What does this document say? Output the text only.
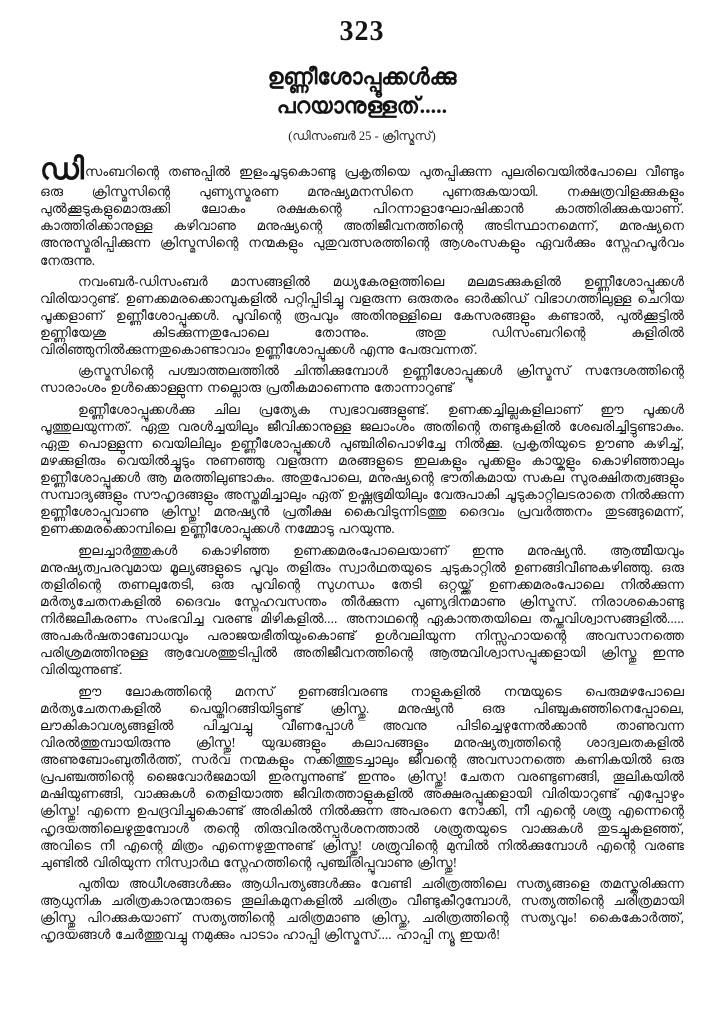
323
ഉണ്ണീശോപ്പൂക്കൾക്കു
പറയാനുള്ളത്.....
(ഡിസംബർ 25 - ക്രിസ്മസ്)

ഡിസംബറിന്റെ തണുപ്പിൽ ഇളംചൂടുകൊണ്ടു പ്രകൃതിയെ പുതപ്പിക്കുന്ന പുലരിവെയിൽപോലെ വീണ്ടും ഒരു ക്രിസ്മസിന്റെ പുണ്യസ്മരണ മനുഷ്യമനസിനെ പുണരുകയായി. നക്ഷത്രവിളക്കുകളും പുൽക്കൂടുകളുമൊരുക്കി ലോകം രക്ഷകന്റെ പിറന്നാളാഘോഷിക്കാൻ കാത്തിരിക്കുകയാണ്. കാത്തിരിക്കാനുള്ള കഴിവാണു മനുഷ്യന്റെ അതിജീവനത്തിന്റെ അടിസ്ഥാനമെന്ന്, മനുഷ്യനെ അനുസ്മരിപ്പിക്കുന്ന ക്രിസ്മസിന്റെ നന്മകളും പുതുവത്സരത്തിന്റെ ആശംസകളും ഏവർക്കും സ്നേഹപൂർവം നേരുന്നു.

നവംബർ-ഡിസംബർ മാസങ്ങളിൽ മധ്യകേരളത്തിലെ മലമടക്കുകളിൽ ഉണ്ണീശോപ്പൂക്കൾ വിരിയാറുണ്ട്. ഉണക്കമരക്കൊമ്പുകളിൽ പറ്റിപ്പിടിച്ചു വളരുന്ന ഒരുതരം ഓർക്കിഡ് വിഭാഗത്തിലുള്ള ചെറിയ പൂക്കളാണ് ഉണ്ണീശോപ്പൂക്കൾ. പൂവിന്റെ രൂപവും അതിനുള്ളിലെ കേസരങ്ങളും കണ്ടാൽ, പുൽക്കൂട്ടിൽ ഉണ്ണിയേശു കിടക്കുന്നതുപോലെ തോന്നും. അതു ഡിസംബറിന്റെ കുളിരിൽ വിരിഞ്ഞുനിൽക്കുന്നതുകൊണ്ടാവാം ഉണ്ണീശോപ്പൂക്കൾ എന്നു പേരുവന്നത്.

ക്രസ്മസിന്റെ പശ്ചാത്തലത്തിൽ ചിന്തിക്കുമ്പോൾ ഉണ്ണീശോപ്പൂക്കൾ ക്രിസ്മസ് സന്ദേശത്തിന്റെ സാരാംശം ഉൾക്കൊള്ളുന്ന നല്ലൊരു പ്രതീകമാണെന്നു തോന്നാറുണ്ട്

ഉണ്ണീശോപ്പൂക്കൾക്കു ചില പ്രത്യേക സ്വഭാവങ്ങളുണ്ട്. ഉണക്കച്ചില്ലകളിലാണ് ഈ പൂക്കൾ പൂത്തുലയുന്നത്. ഏതു വരൾച്ചയിലും ജീവിക്കാനുള്ള ജലാംശം അതിന്റെ തണ്ടുകളിൽ ശേഖരിച്ചിട്ടുണ്ടാകും. ഏതു പൊള്ളുന്ന വെയിലിലും ഉണ്ണീശോപ്പൂക്കൾ പുഞ്ചിരിപൊഴിച്ചേ നിൽക്കൂ. പ്രകൃതിയുടെ ഊണു കഴിച്ച്, മഴക്കുളിരും വെയിൽച്ചൂടും നുണഞ്ഞു വളരുന്ന മരങ്ങളുടെ ഇലകളും പൂക്കളും കായ്കളും കൊഴിഞ്ഞാലും ഉണ്ണീശോപ്പൂക്കൾ ആ മരത്തിലുണ്ടാകും. അതുപോലെ, മനുഷ്യന്റെ ഭൗതികമായ സകല സുരക്ഷിതത്വങ്ങളും സമ്പാദ്യങ്ങളും സൗഹൃദങ്ങളും അസ്തമിച്ചാലും ഏത് ഉഷ്ണഭൂമിയിലും വേരുപാകി ചൂടുകാറ്റിലടരാതെ നിൽക്കുന്ന ഉണ്ണീശോപ്പൂവാണു ക്രിസ്തു! മനുഷ്യൻ പ്രതീക്ഷ കൈവിടുന്നിടത്തു ദൈവം പ്രവർത്തനം തുടങ്ങുമെന്ന്, ഉണക്കമരക്കൊമ്പിലെ ഉണ്ണീശോപ്പൂക്കൾ നമ്മോടു പറയുന്നു.

ഇലച്ചാർത്തുകൾ കൊഴിഞ്ഞ ഉണക്കമരംപോലെയാണ് ഇന്നു മനുഷ്യൻ. ആത്മീയവും മനുഷ്യത്വപരവുമായ മൂല്യങ്ങളുടെ പൂവും തളിരും സ്വാർഥതയുടെ ചുടുകാറ്റിൽ ഉണങ്ങിവീണുകഴിഞ്ഞു. ഒരു തളിരിന്റെ തണലുതേടി, ഒരു പൂവിന്റെ സുഗന്ധം തേടി ഒറ്റയ്ക്ക് ഉണക്കമരംപോലെ നിൽക്കുന്ന മർത്യചേതനകളിൽ ദൈവം സ്നേഹവസന്തം തീർക്കുന്ന പുണ്യദിനമാണു ക്രിസ്മസ്. നിരാശകൊണ്ടു നിർജലീകരണം സംഭവിച്ച വരണ്ട മിഴികളിൽ.... അനാഥന്റെ ഏകാന്തതയിലെ തപ്തവിശ്വാസങ്ങളിൽ..... അപകർഷതാബോധവും പരാജയഭീതിയുംകൊണ്ട് ഉൾവലിയുന്ന നിസ്സഹായന്റെ അവസാനത്തെ പരിശ്രമത്തിനുള്ള ആവേശത്തുടിപ്പിൽ അതിജീവനത്തിന്റെ ആത്മവിശ്വാസപ്പൂക്കളായി ക്രിസ്തു ഇന്നു വിരിയുന്നുണ്ട്.

ഈ ലോകത്തിന്റെ മനസ് ഉണങ്ങിവരണ്ട നാളുകളിൽ നന്മയുടെ പെരുമഴപോലെ മർത്യചേതനകളിൽ പെയ്തിറങ്ങിയിട്ടുണ്ട് ക്രിസ്തു. മനുഷ്യൻ ഒരു പിഞ്ചുകുഞ്ഞിനെപ്പോലെ, ലൗകികാവശ്യങ്ങളിൽ പിച്ചവച്ചു വീണപ്പോൾ അവനു പിടിച്ചെഴുന്നേൽക്കാൻ താണുവന്ന വിരൽത്തുമ്പായിരുന്നു ക്രിസ്തു! യുദ്ധങ്ങളും കലാപങ്ങളും മനുഷ്യത്വത്തിന്റെ ശാദ്വലതകളിൽ അണുബോംബുതീർത്ത്, സർവ നന്മകളും നക്കിത്തുടച്ചാലും ജീവന്റെ അവസാനത്തെ കണികയിൽ ഒരു പ്രപഞ്ചത്തിന്റെ ജൈവോർജമായി ഇരമ്പുന്നുണ്ട് ഇന്നും ക്രിസ്തു! ചേതന വരണ്ടുണങ്ങി, തൂലികയിൽ മഷിയുണങ്ങി, വാക്കുകൾ തെളിയാത്ത ജീവിതത്താളുകളിൽ അക്ഷരപ്പൂക്കളായി വിരിയാറുണ്ട് എപ്പോഴും ക്രിസ്തു! എന്നെ ഉപദ്രവിച്ചുകൊണ്ട് അരികിൽ നിൽക്കുന്ന അപരനെ നോക്കി, നീ എന്റെ ശത്രു എന്നെന്റെ ഹൃദയത്തിലെഴുതുമ്പോൾ തന്റെ തിരുവിരൽസ്പർശനത്താൽ ശത്രുതയുടെ വാക്കുകൾ തുടച്ചുകളഞ്ഞ്, അവിടെ നീ എന്റെ മിത്രം എന്നെഴുതുന്നുണ്ട് ക്രിസ്തു! ശത്രുവിന്റെ മുമ്പിൽ നിൽക്കുമ്പോൾ എന്റെ വരണ്ട ചുണ്ടിൽ വിരിയുന്ന നിസ്വാർഥ സ്നേഹത്തിന്റെ പുഞ്ചിരിപ്പൂവാണു ക്രിസ്തു!

പുതിയ അധീശങ്ങൾക്കും ആധിപത്യങ്ങൾക്കും വേണ്ടി ചരിത്രത്തിലെ സത്യങ്ങളെ തമസ്കരിക്കുന്ന ആധുനിക ചരിത്രകാരന്മാരുടെ തൂലികമുനകളിൽ ചരിത്രം വീണ്ടുകീറുമ്പോൾ, സത്യത്തിന്റെ ചരിത്രമായി ക്രിസ്തു പിറക്കുകയാണ് സത്യത്തിന്റെ ചരിത്രമാണു ക്രിസ്തു, ചരിത്രത്തിന്റെ സത്യവും! കൈകോർത്ത്, ഹൃദയങ്ങൾ ചേർത്തുവച്ചു നമുക്കും പാടാം ഹാപ്പി ക്രിസ്മസ്.... ഹാപ്പി ന്യൂ ഇയർ!
